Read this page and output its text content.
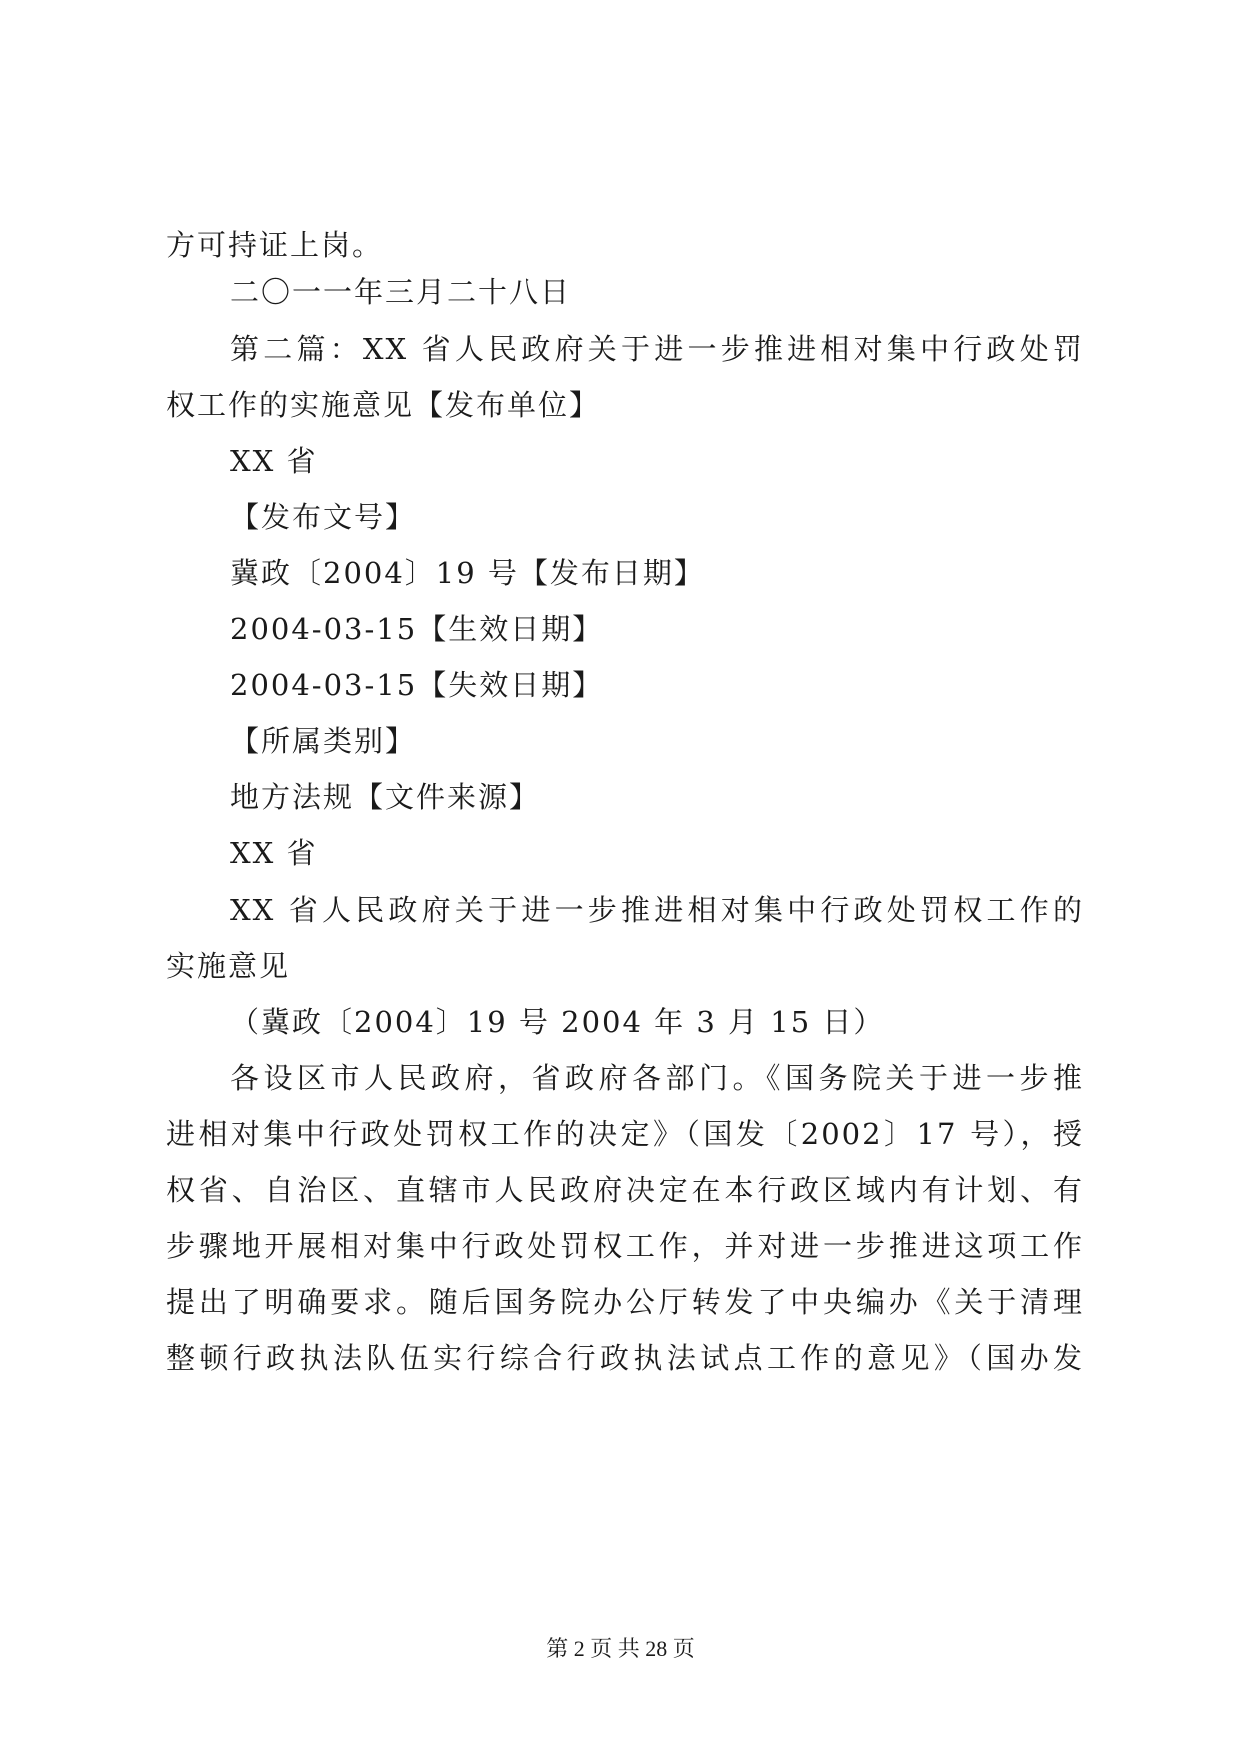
方可持证上岗。
二〇一一年三月二十八日
第二篇：XX 省人民政府关于进一步推进相对集中行政处罚
权工作的实施意见【发布单位】
XX 省
【发布文号】
冀政〔2004〕19 号【发布日期】
2004-03-15【生效日期】
2004-03-15【失效日期】
【所属类别】
地方法规【文件来源】
XX 省
XX 省人民政府关于进一步推进相对集中行政处罚权工作的
实施意见
（冀政〔2004〕19 号 2004 年 3 月 15 日）
各设区市人民政府，省政府各部门。《国务院关于进一步推
进相对集中行政处罚权工作的决定》（国发〔2002〕17 号），授
权省、自治区、直辖市人民政府决定在本行政区域内有计划、有
步骤地开展相对集中行政处罚权工作，并对进一步推进这项工作
提出了明确要求。随后国务院办公厅转发了中央编办《关于清理
整顿行政执法队伍实行综合行政执法试点工作的意见》（国办发
第 2 页 共 28 页
